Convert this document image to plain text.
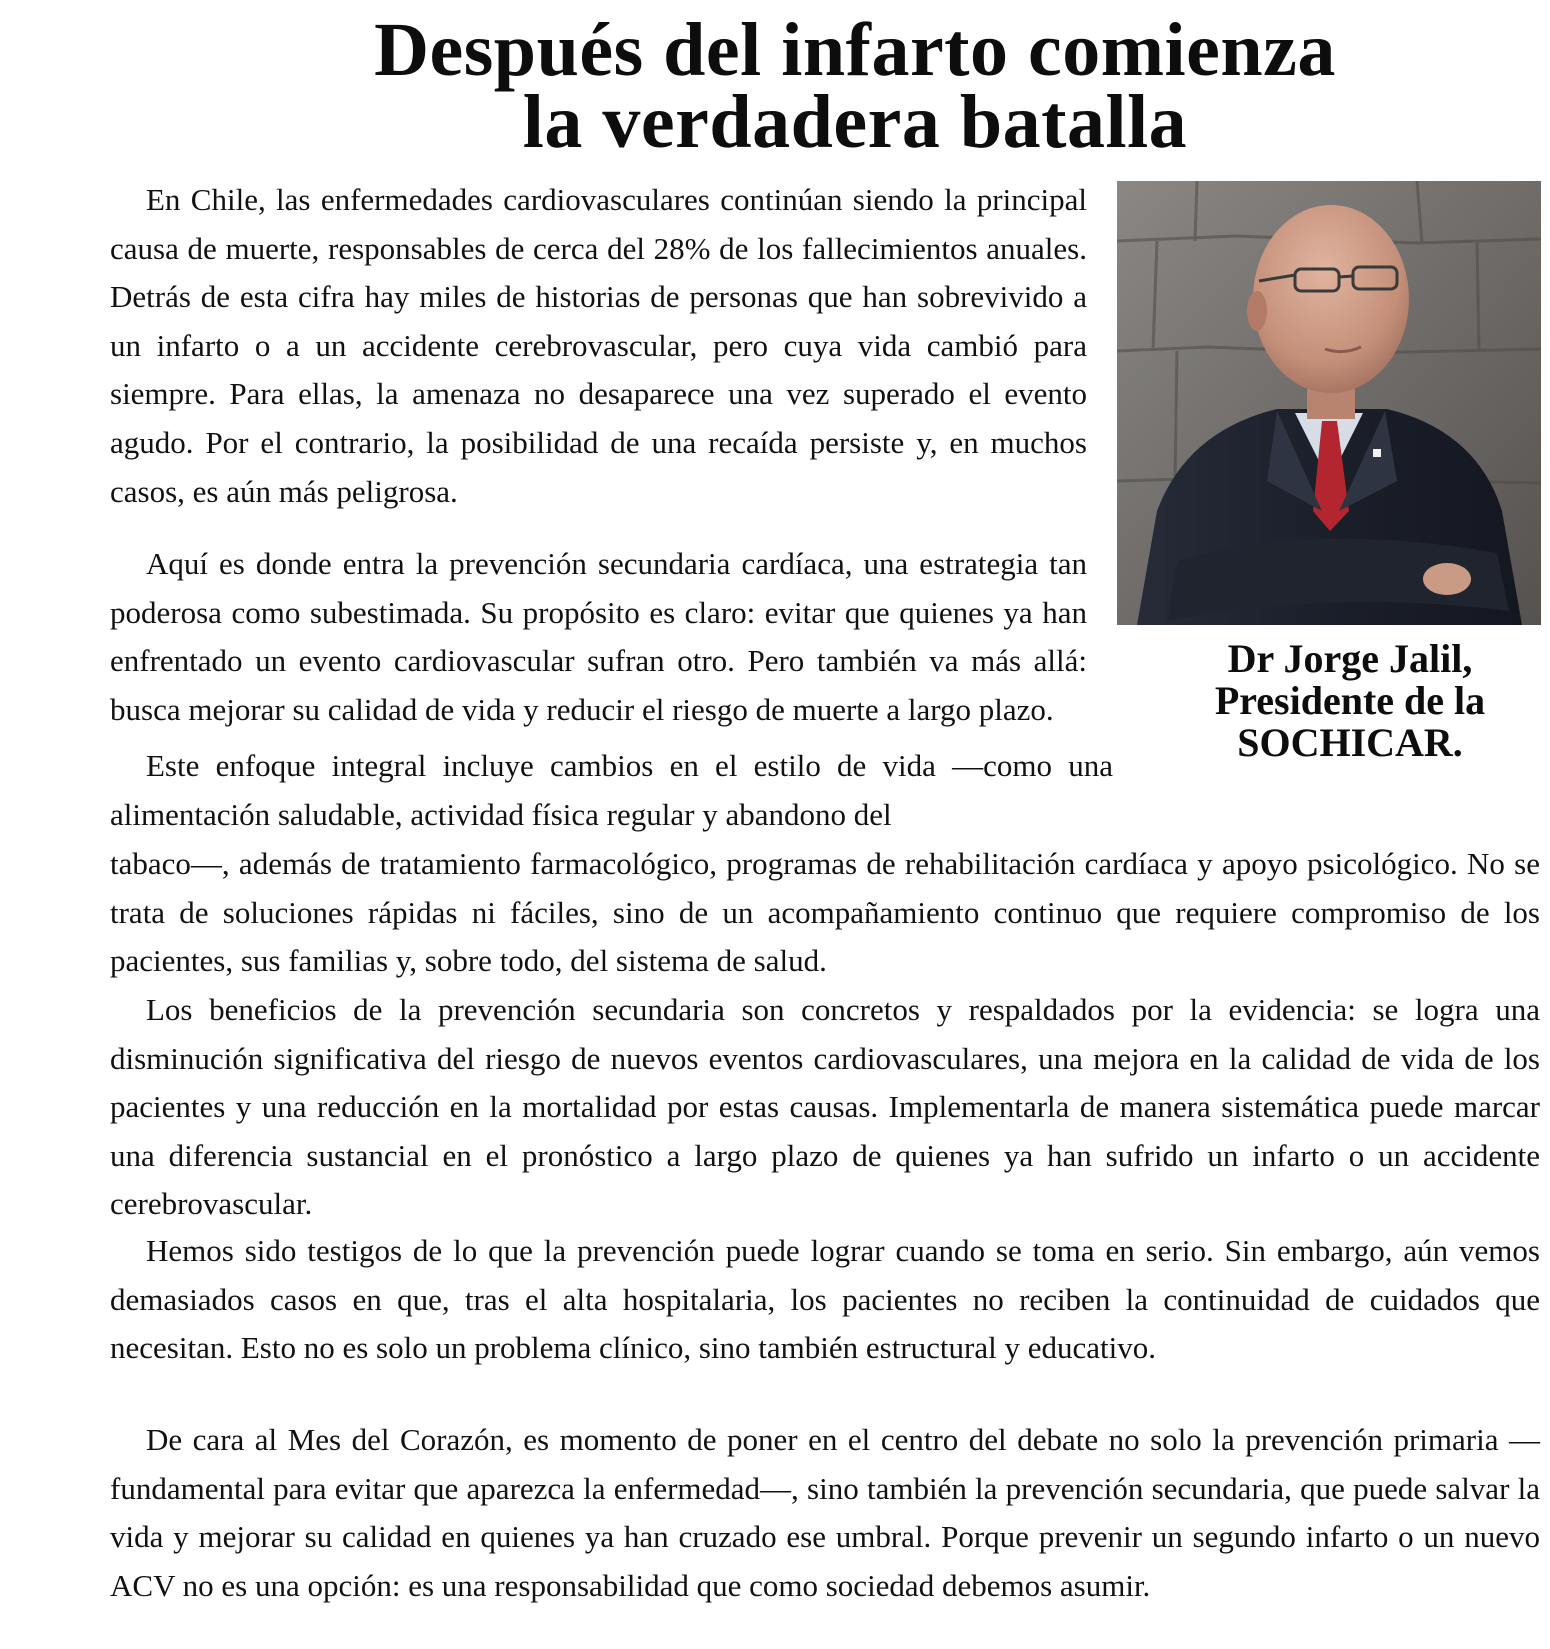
Después del infarto comienza
la verdadera batalla
Dr Jorge Jalil,
Presidente de la
SOCHICAR.

En Chile, las enfermedades cardiovasculares continúan siendo la principal causa de muerte, responsables de cerca del 28% de los fallecimientos anuales. Detrás de esta cifra hay miles de historias de personas que han sobrevivido a un infarto o a un accidente cerebrovascular, pero cuya vida cambió para siempre. Para ellas, la amenaza no desaparece una vez superado el evento agudo. Por el contrario, la posibilidad de una recaída persiste y, en muchos casos, es aún más peligrosa.

Aquí es donde entra la prevención secundaria cardíaca, una estrategia tan poderosa como subestimada. Su propósito es claro: evitar que quienes ya han enfrentado un evento cardiovascular sufran otro. Pero también va más allá: busca mejorar su calidad de vida y reducir el riesgo de muerte a largo plazo.

Este enfoque integral incluye cambios en el estilo de vida —como una alimentación saludable, actividad física regular y abandono del

tabaco—, además de tratamiento farmacológico, programas de rehabilitación cardíaca y apoyo psicológico. No se trata de soluciones rápidas ni fáciles, sino de un acompañamiento continuo que requiere compromiso de los pacientes, sus familias y, sobre todo, del sistema de salud.

Los beneficios de la prevención secundaria son concretos y respaldados por la evidencia: se logra una disminución significativa del riesgo de nuevos eventos cardiovasculares, una mejora en la calidad de vida de los pacientes y una reducción en la mortalidad por estas causas. Implementarla de manera sistemática puede marcar una diferencia sustancial en el pronóstico a largo plazo de quienes ya han sufrido un infarto o un accidente cerebrovascular.

Hemos sido testigos de lo que la prevención puede lograr cuando se toma en serio. Sin embargo, aún vemos demasiados casos en que, tras el alta hospitalaria, los pacientes no reciben la continuidad de cuidados que necesitan. Esto no es solo un problema clínico, sino también estructural y educativo.

De cara al Mes del Corazón, es momento de poner en el centro del debate no solo la prevención primaria —fundamental para evitar que aparezca la enfermedad—, sino también la prevención secundaria, que puede salvar la vida y mejorar su calidad en quienes ya han cruzado ese umbral. Porque prevenir un segundo infarto o un nuevo ACV no es una opción: es una responsabilidad que como sociedad debemos asumir.
